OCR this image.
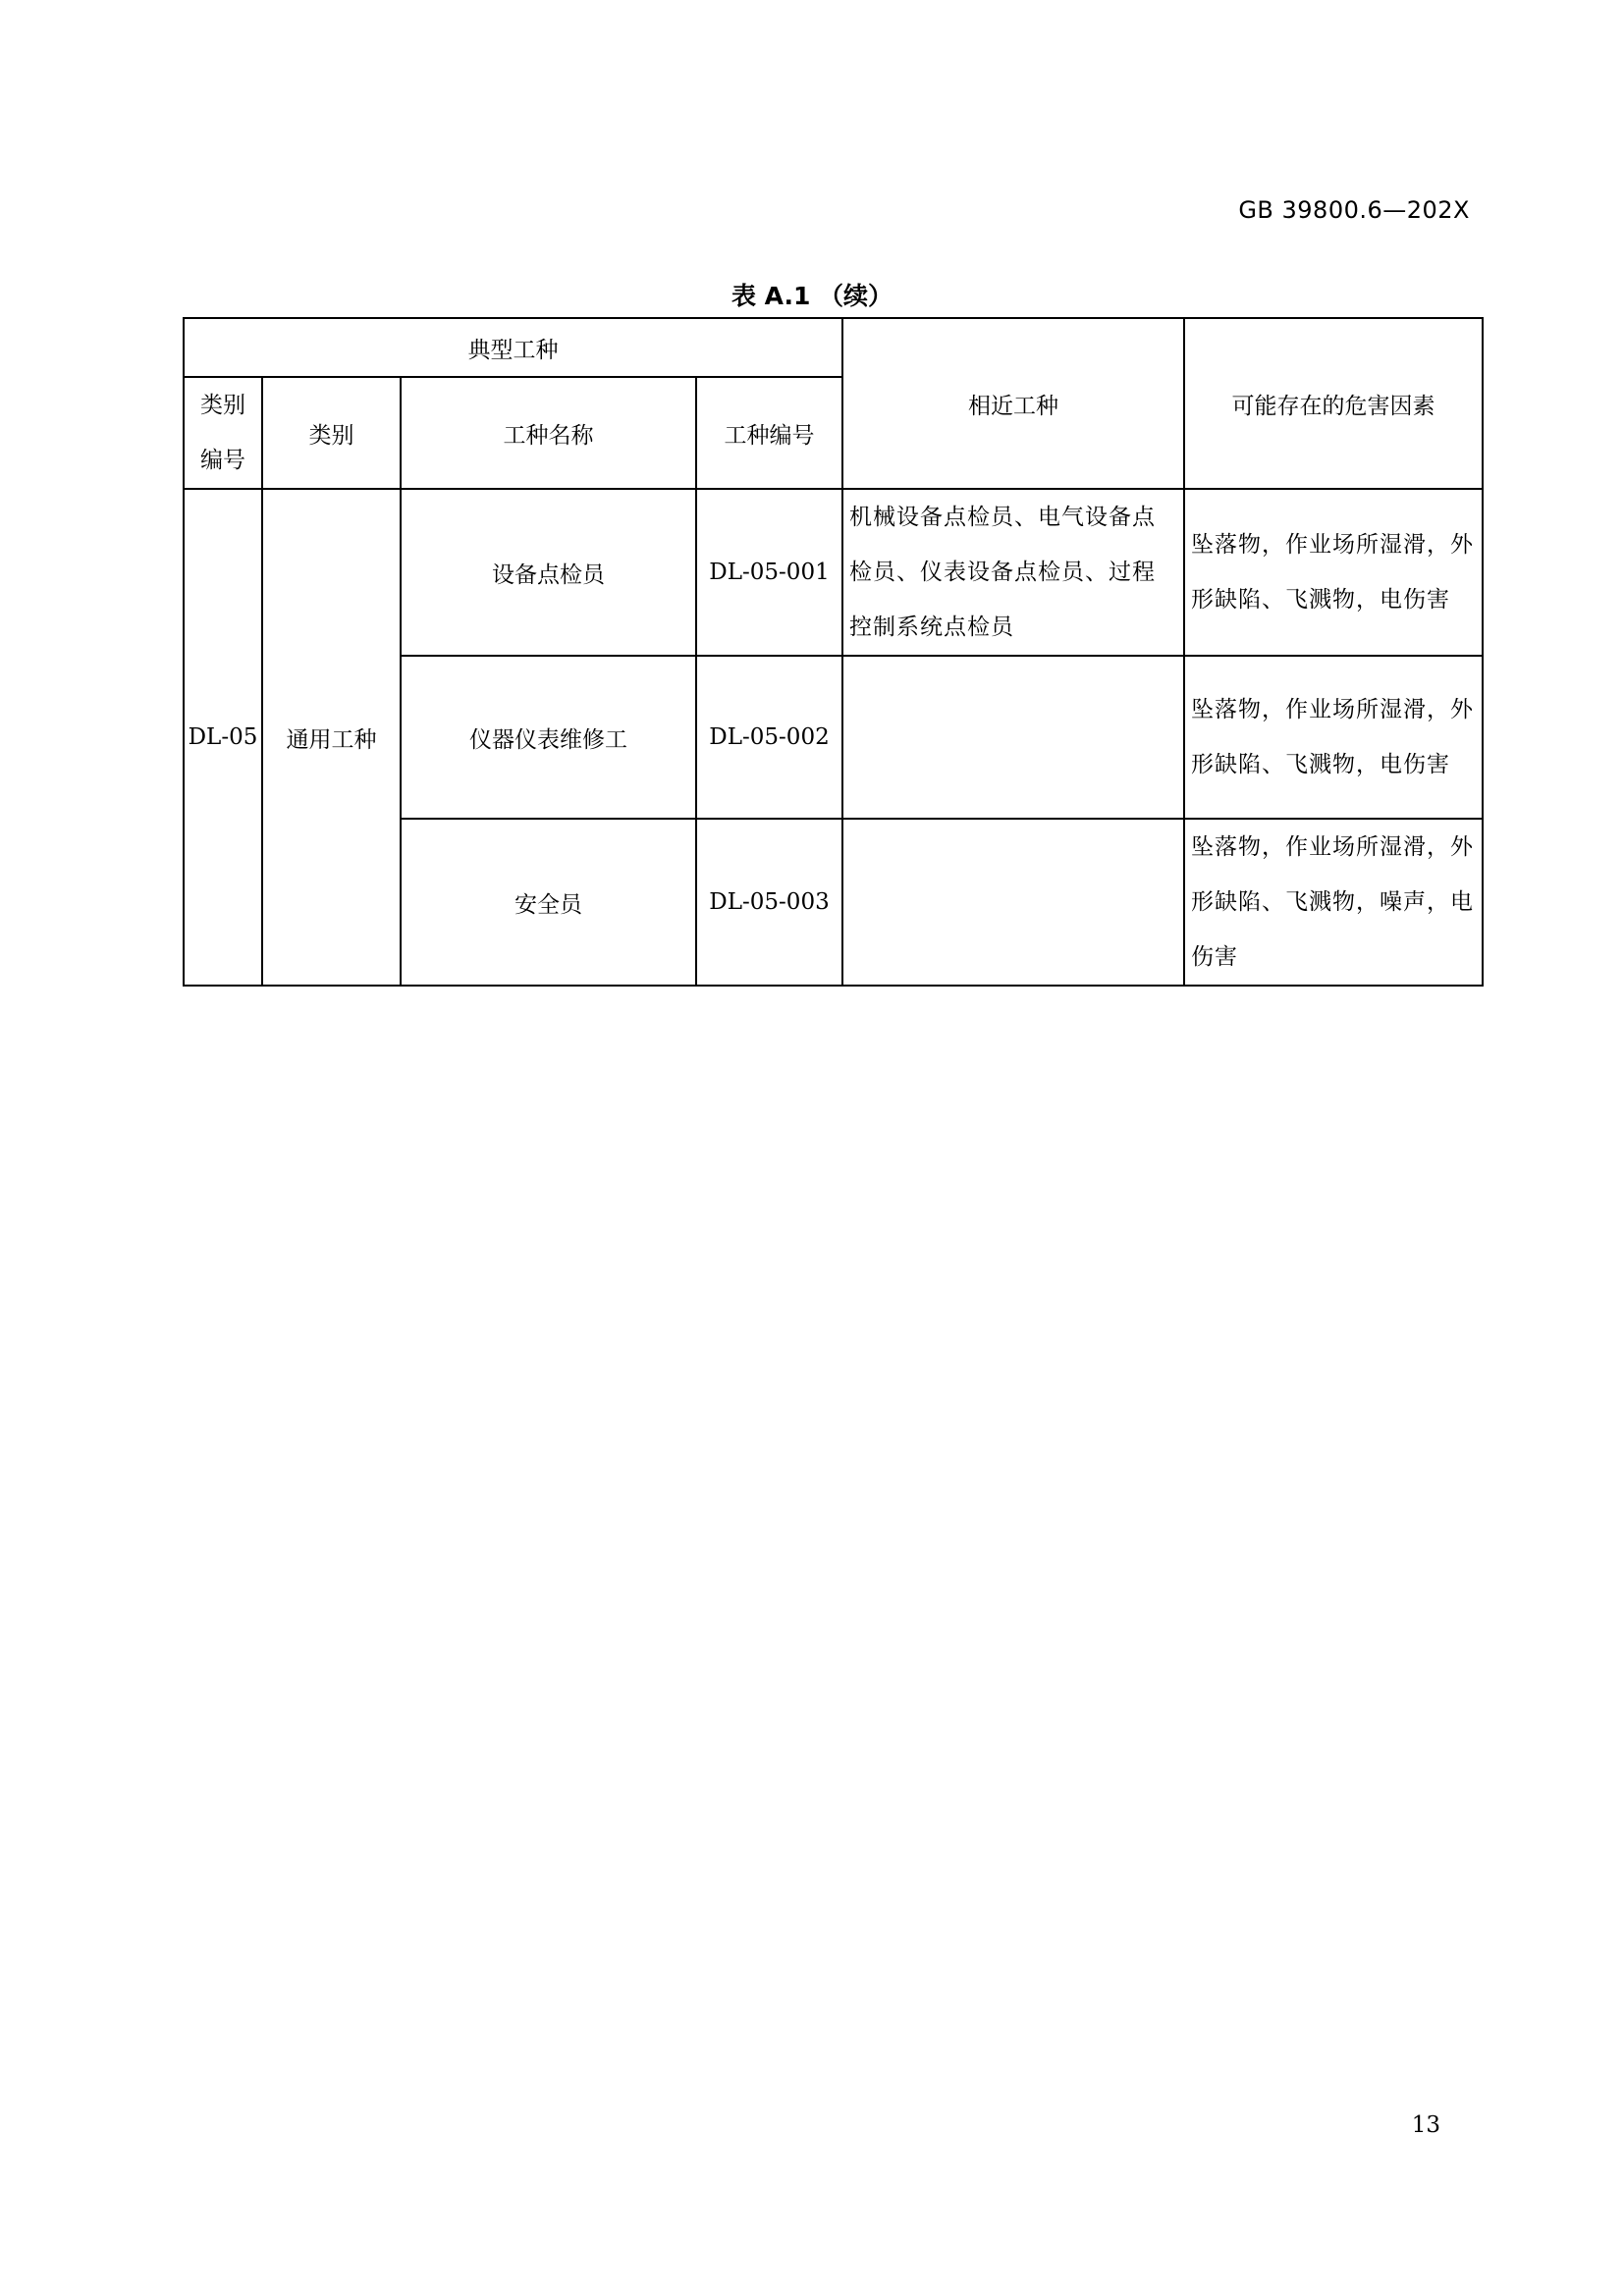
GB 39800.6—202X
表 A.1 （续）
典型工种				相近工种	可能存在的危害因素

类别
编号	类别	工种名称	工种编号		
DL-05	通用工种	设备点检员	DL-05-001	机械设备点检员、电气设备点检员、仪表设备点检员、过程控制系统点检员	坠落物，作业场所湿滑，外形缺陷、飞溅物，电伤害
		仪器仪表维修工	DL-05-002		坠落物，作业场所湿滑，外形缺陷、飞溅物，电伤害
		安全员	DL-05-003		坠落物，作业场所湿滑，外形缺陷、飞溅物，噪声，电伤害
13
